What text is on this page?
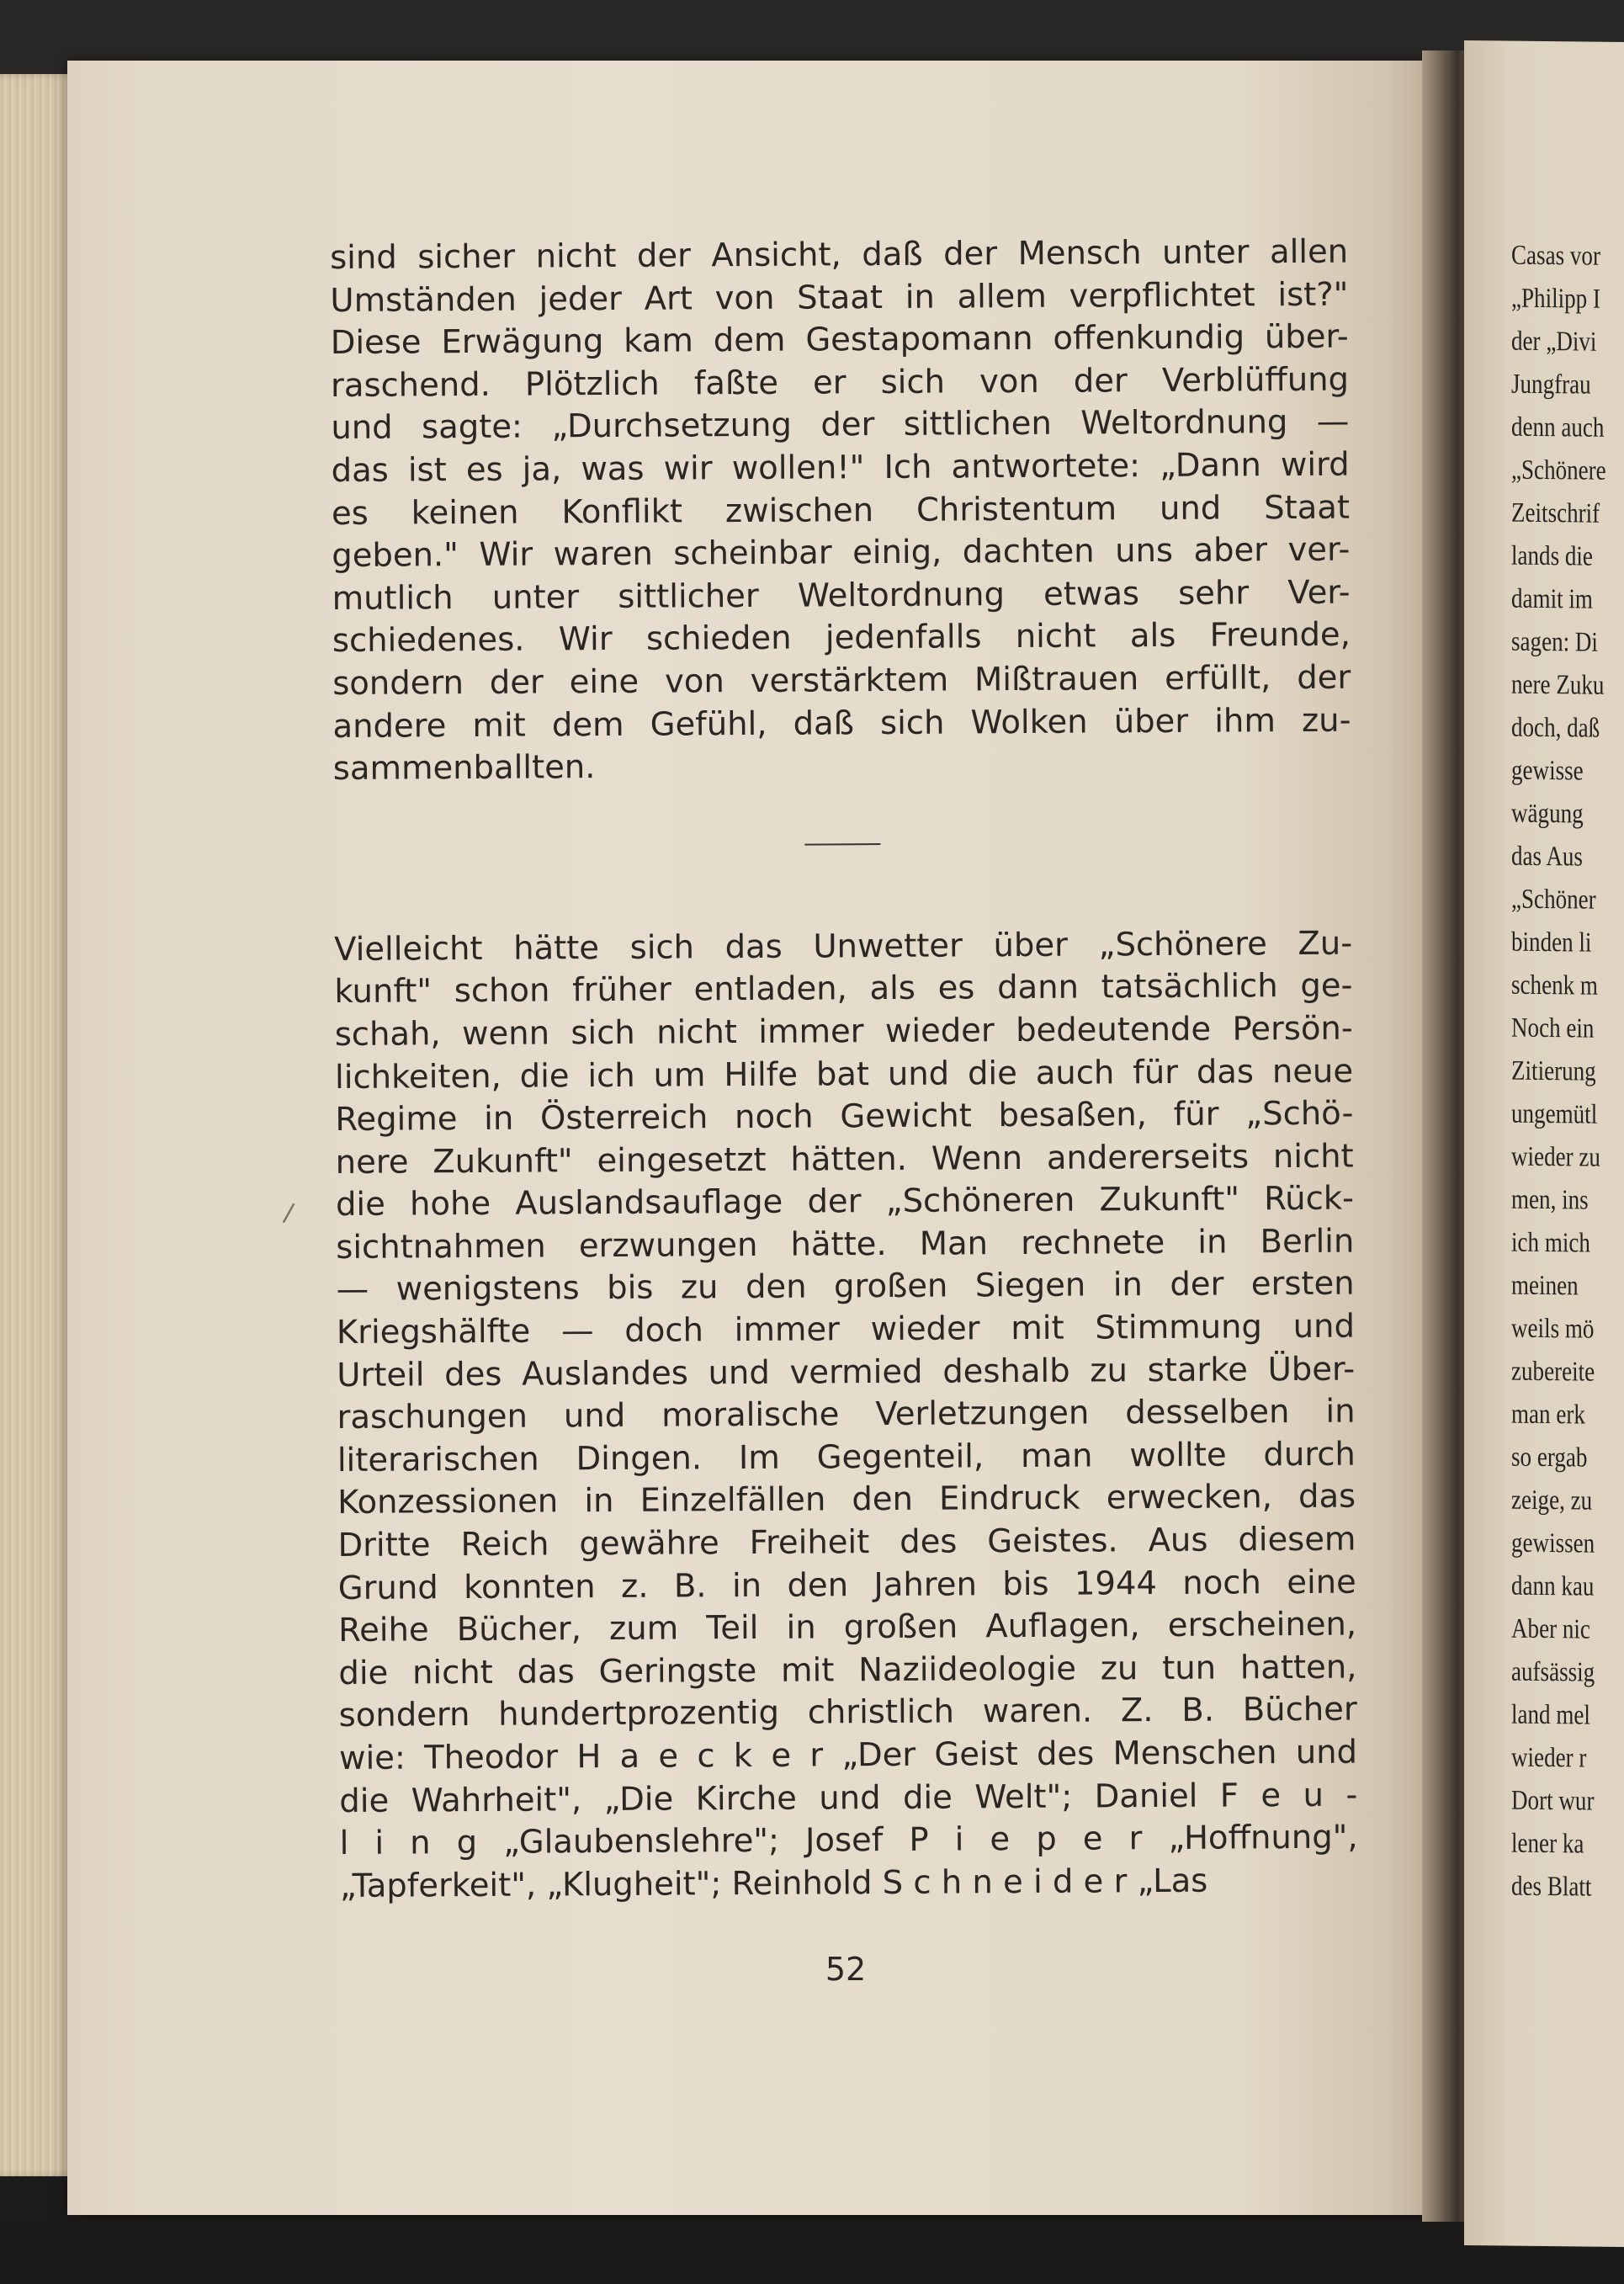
Casas vor
„Philipp I
der „Divi
Jungfrau
denn auch
„Schönere
Zeitschrif
lands die
damit im
sagen: Di
nere Zuku
doch, daß
gewisse
wägung
das Aus
„Schöner
binden li
schenk m
Noch ein
Zitierung
ungemütl
wieder zu
men, ins
ich mich
meinen
weils mö
zubereite
man erk
so ergab
zeige, zu
gewissen
dann kau
Aber nic
aufsässig
land mel
wieder r
Dort wur
lener ka
des Blatt
sind sicher nicht der Ansicht, daß der Mensch unter allen
Umständen jeder Art von Staat in allem verpflichtet ist?"
Diese Erwägung kam dem Gestapomann offenkundig über-
raschend. Plötzlich faßte er sich von der Verblüffung
und sagte: „Durchsetzung der sittlichen Weltordnung —
das ist es ja, was wir wollen!" Ich antwortete: „Dann wird
es keinen Konflikt zwischen Christentum und Staat
geben." Wir waren scheinbar einig, dachten uns aber ver-
mutlich unter sittlicher Weltordnung etwas sehr Ver-
schiedenes. Wir schieden jedenfalls nicht als Freunde,
sondern der eine von verstärktem Mißtrauen erfüllt, der
andere mit dem Gefühl, daß sich Wolken über ihm zu-
sammenballten.
Vielleicht hätte sich das Unwetter über „Schönere Zu-
kunft" schon früher entladen, als es dann tatsächlich ge-
schah, wenn sich nicht immer wieder bedeutende Persön-
lichkeiten, die ich um Hilfe bat und die auch für das neue
Regime in Österreich noch Gewicht besaßen, für „Schö-
nere Zukunft" eingesetzt hätten. Wenn andererseits nicht
die hohe Auslandsauflage der „Schöneren Zukunft" Rück-
sichtnahmen erzwungen hätte. Man rechnete in Berlin
— wenigstens bis zu den großen Siegen in der ersten
Kriegshälfte — doch immer wieder mit Stimmung und
Urteil des Auslandes und vermied deshalb zu starke Über-
raschungen und moralische Verletzungen desselben in
literarischen Dingen. Im Gegenteil, man wollte durch
Konzessionen in Einzelfällen den Eindruck erwecken, das
Dritte Reich gewähre Freiheit des Geistes. Aus diesem
Grund konnten z. B. in den Jahren bis 1944 noch eine
Reihe Bücher, zum Teil in großen Auflagen, erscheinen,
die nicht das Geringste mit Naziideologie zu tun hatten,
sondern hundertprozentig christlich waren. Z. B. Bücher
wie: Theodor H a e c k e r „Der Geist des Menschen und
die Wahrheit", „Die Kirche und die Welt"; Daniel F e u -
l i n g „Glaubenslehre"; Josef P i e p e r „Hoffnung",
„Tapferkeit", „Klugheit"; Reinhold S c h n e i d e r „Las
/
52
